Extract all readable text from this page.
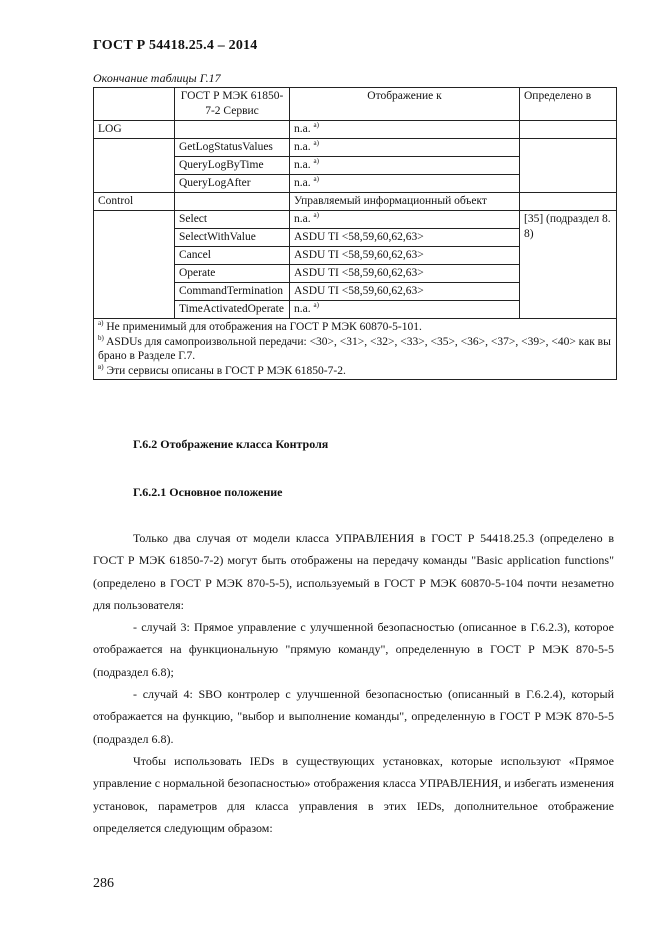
ГОСТ Р 54418.25.4 – 2014
Окончание таблицы Г.17
	ГОСТ Р МЭК 61850-7-2 Сервис	Отображение к	Определено в
LOG		n.a. $^{a)}$	
	GetLogStatusValues	n.a. $^{a)}$	
	QueryLogByTime	n.a. $^{a)}$
	QueryLogAfter	n.a. $^{a)}$
Control		Управляемый информационный объект	
	Select	n.a. $^{a)}$	[35] (подраздел 8.8)
	SelectWithValue	ASDU TI <58,59,60,62,63>	
	Cancel	ASDU TI <58,59,60,62,63>	
	Operate	ASDU TI <58,59,60,62,63>	
	CommandTermination	ASDU TI <58,59,60,62,63>	
	TimeActivatedOperate	n.a. $^{a)}$

$^{a)}$ Не применимый для отображения на ГОСТ Р МЭК 60870-5-101.
$^{b)}$ ASDUs для самопроизвольной передачи: <30>, <31>, <32>, <33>, <35>, <36>, <37>, <39>, <40> как выбрано в Разделе Г.7.
$^{в)}$ Эти сервисы описаны в ГОСТ Р МЭК 61850-7-2.			
Г.6.2 Отображение класса Контроля
Г.6.2.1 Основное положение

Только два случая от модели класса УПРАВЛЕНИЯ в ГОСТ Р 54418.25.3 (определено в ГОСТ Р МЭК 61850-7-2) могут быть отображены на передачу команды "Basic application functions" (определено в ГОСТ Р МЭК 870-5-5), используемый в ГОСТ Р МЭК 60870-5-104 почти незаметно для пользователя:

- случай 3: Прямое управление с улучшенной безопасностью (описанное в Г.6.2.3), которое отображается на функциональную "прямую команду", определенную в ГОСТ Р МЭК 870-5-5 (подраздел 6.8);

- случай 4: SBO контролер с улучшенной безопасностью (описанный в Г.6.2.4), который отображается на функцию, "выбор и выполнение команды", определенную в ГОСТ Р МЭК 870-5-5 (подраздел 6.8).

Чтобы использовать IEDs в существующих установках, которые используют «Прямое управление с нормальной безопасностью» отображения класса УПРАВЛЕНИЯ, и избегать изменения установок, параметров для класса управления в этих IEDs, дополнительное отображение определяется следующим образом:

286
